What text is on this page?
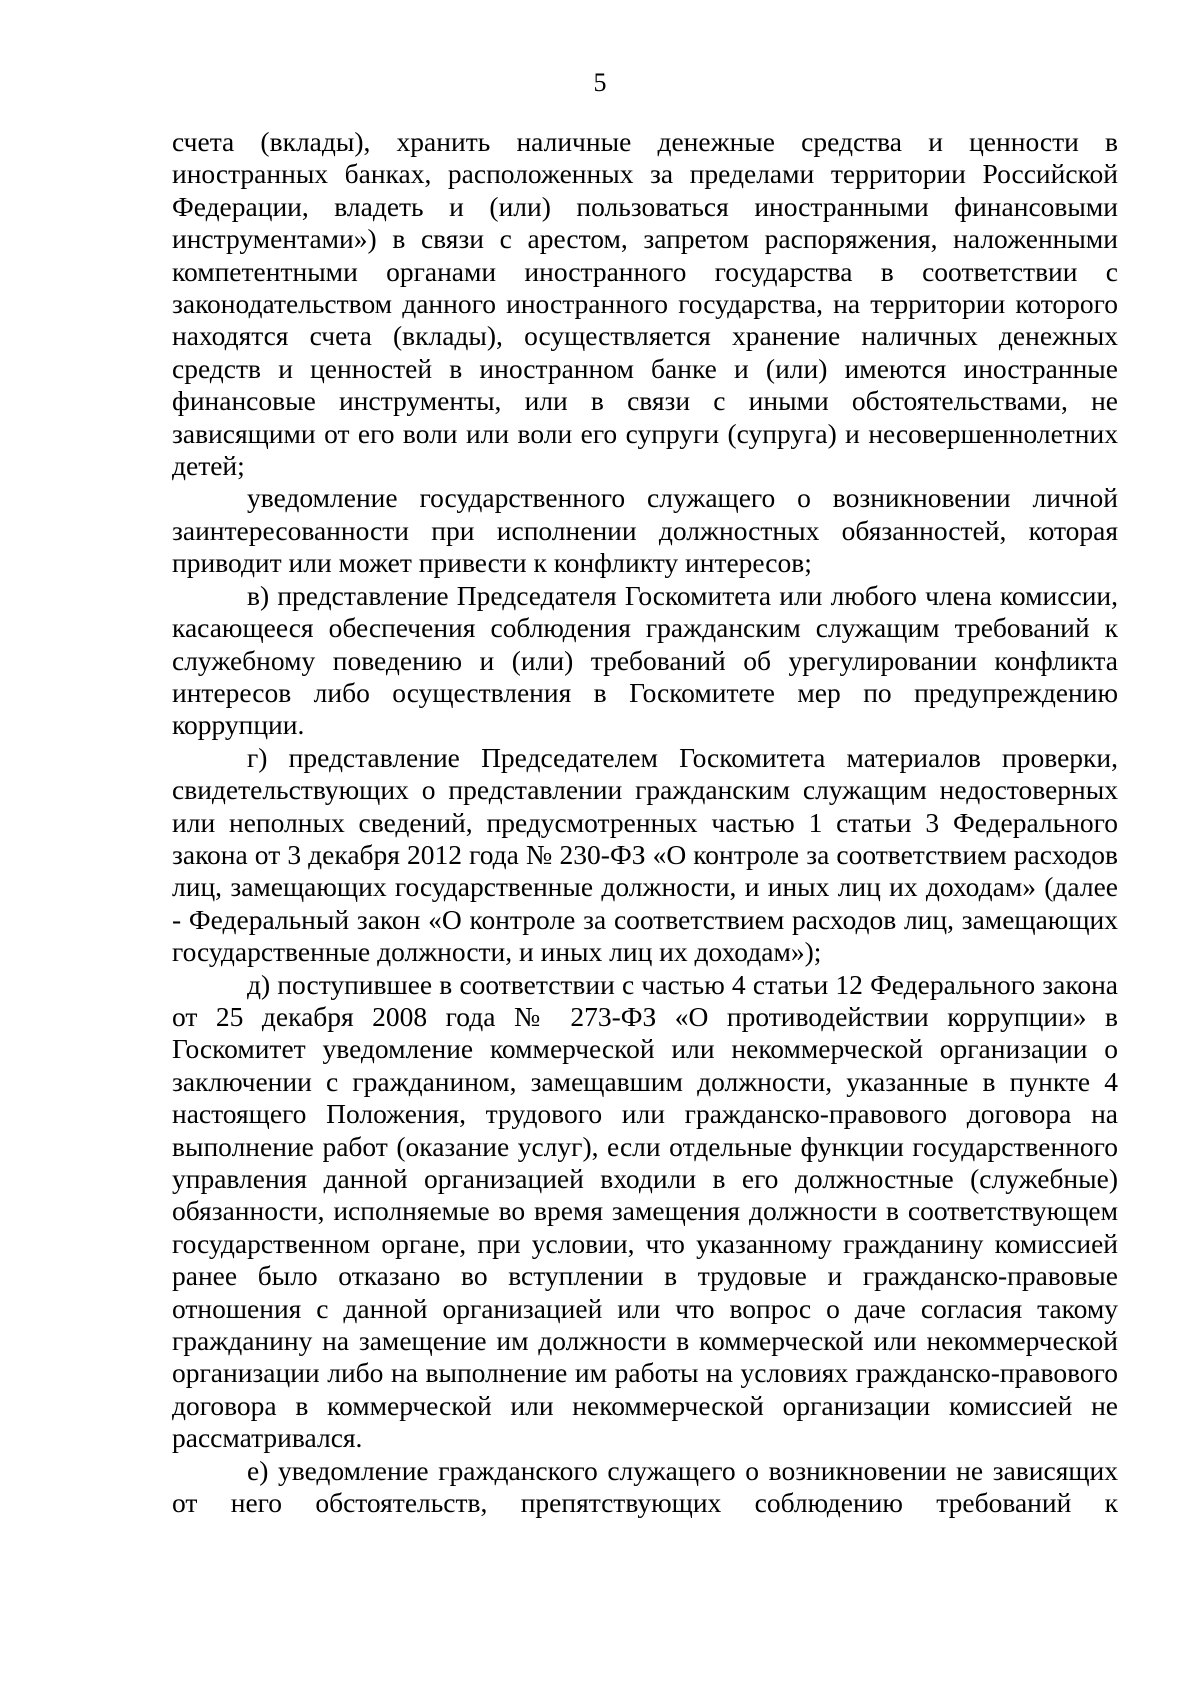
5

счета (вклады), хранить наличные денежные средства и ценности в иностранных банках, расположенных за пределами территории Российской Федерации, владеть и (или) пользоваться иностранными финансовыми инструментами») в связи с арестом, запретом распоряжения, наложенными компетентными органами иностранного государства в соответствии с законодательством данного иностранного государства, на территории которого находятся счета (вклады), осуществляется хранение наличных денежных средств и ценностей в иностранном банке и (или) имеются иностранные финансовые инструменты, или в связи с иными обстоятельствами, не зависящими от его воли или воли его супруги (супруга) и несовершеннолетних детей;

уведомление государственного служащего о возникновении личной заинтересованности при исполнении должностных обязанностей, которая приводит или может привести к конфликту интересов;

в) представление Председателя Госкомитета или любого члена комиссии, касающееся обеспечения соблюдения гражданским служащим требований к служебному поведению и (или) требований об урегулировании конфликта интересов либо осуществления в Госкомитете мер по предупреждению коррупции.

г) представление Председателем Госкомитета материалов проверки, свидетельствующих о представлении гражданским служащим недостоверных или неполных сведений, предусмотренных частью 1 статьи 3 Федерального закона от 3 декабря 2012 года № 230-ФЗ «О контроле за соответствием расходов лиц, замещающих государственные должности, и иных лиц их доходам» (далее - Федеральный закон «О контроле за соответствием расходов лиц, замещающих государственные должности, и иных лиц их доходам»);

д) поступившее в соответствии с частью 4 статьи 12 Федерального закона от 25 декабря 2008 года № 273-ФЗ «О противодействии коррупции» в Госкомитет уведомление коммерческой или некоммерческой организации о заключении с гражданином, замещавшим должности, указанные в пункте 4 настоящего Положения, трудового или гражданско-правового договора на выполнение работ (оказание услуг), если отдельные функции государственного управления данной организацией входили в его должностные (служебные) обязанности, исполняемые во время замещения должности в соответствующем государственном органе, при условии, что указанному гражданину комиссией ранее было отказано во вступлении в трудовые и гражданско-правовые отношения с данной организацией или что вопрос о даче согласия такому гражданину на замещение им должности в коммерческой или некоммерческой организации либо на выполнение им работы на условиях гражданско-правового договора в коммерческой или некоммерческой организации комиссией не рассматривался.

е) уведомление гражданского служащего о возникновении не зависящих от него обстоятельств, препятствующих соблюдению требований к
